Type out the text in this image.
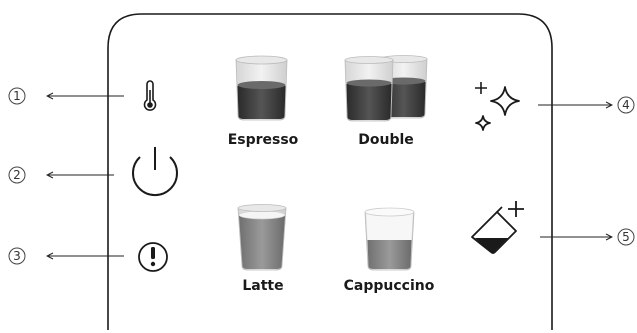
1
2
3
4
5
Espresso	Double
Latte	Cappuccino
